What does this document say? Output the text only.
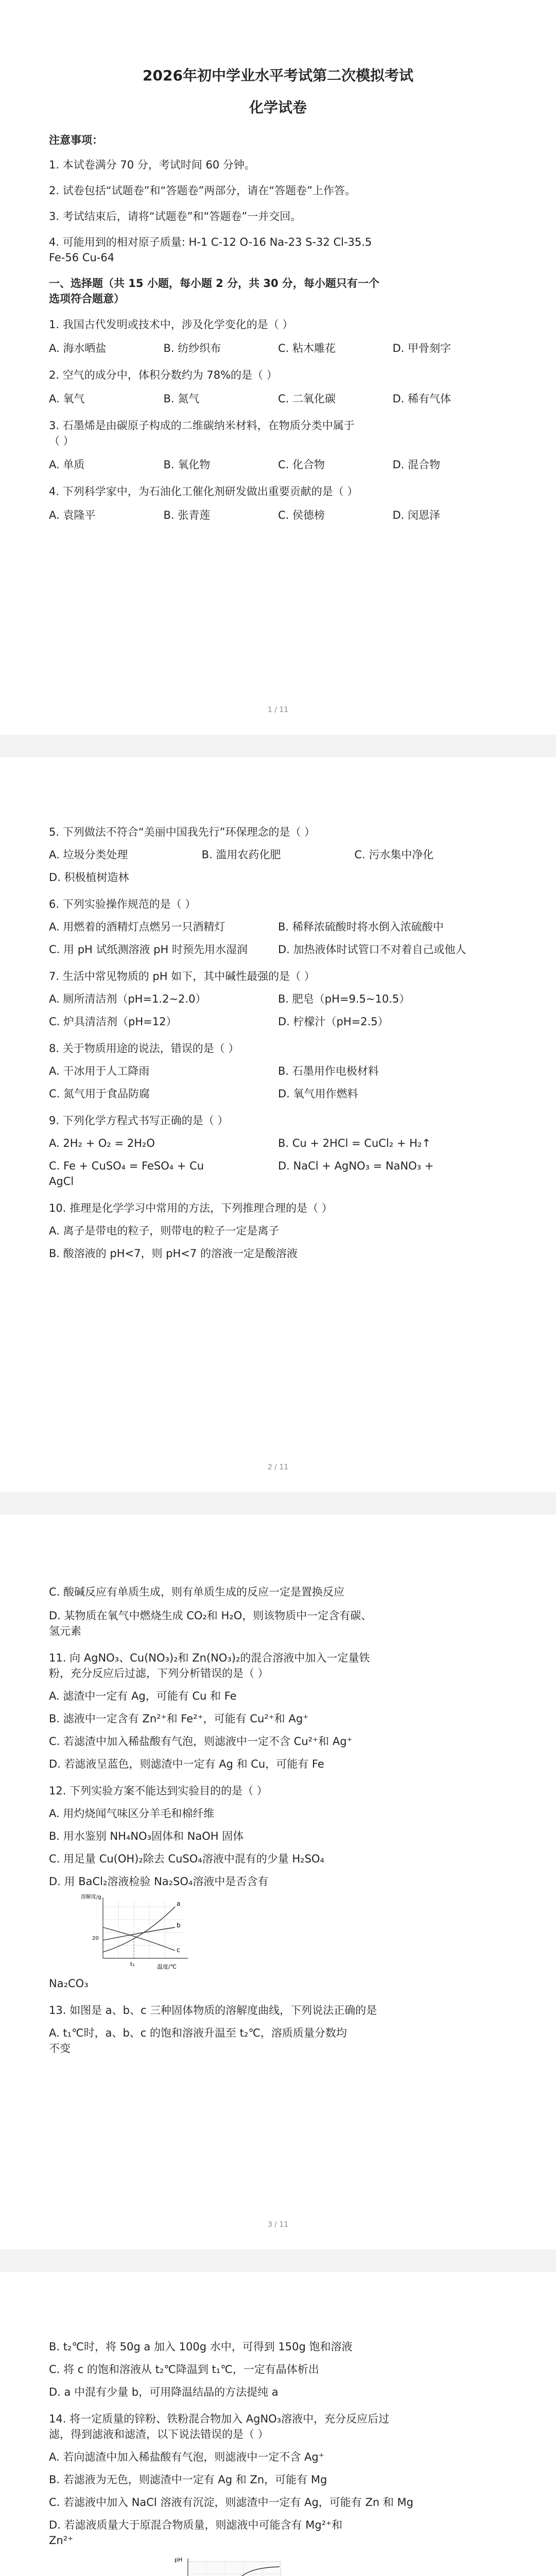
2026年初中学业水平考试第二次模拟考试

化学试卷

注意事项：

1. 本试卷满分 70 分，考试时间 60 分钟。

2. 试卷包括“试题卷”和“答题卷”两部分，请在“答题卷”上作答。

3. 考试结束后，请将“试题卷”和“答题卷”一并交回。

4. 可能用到的相对原子质量: H-1 C-12 O-16 Na-23 S-32 Cl-35.5

Fe-56 Cu-64

一、选择题（共 15 小题，每小题 2 分，共 30 分，每小题只有一个

选项符合题意）

1. 我国古代发明或技术中，涉及化学变化的是（ ）

A. 海水晒盐	B. 纺纱织布	C. 粘木雕花	D. 甲骨刻字

2. 空气的成分中，体积分数约为 78%的是（ ）

A. 氧气	B. 氮气	C. 二氧化碳	D. 稀有气体

3. 石墨烯是由碳原子构成的二维碳纳米材料，在物质分类中属于

（ ）

A. 单质	B. 氧化物	C. 化合物	D. 混合物

4. 下列科学家中，为石油化工催化剂研发做出重要贡献的是（ ）

A. 袁隆平	B. 张青莲	C. 侯德榜	D. 闵恩泽
1 / 11

5. 下列做法不符合“美丽中国我先行”环保理念的是（ ）

A. 垃圾分类处理	B. 滥用农药化肥	C. 污水集中净化

D. 积极植树造林

6. 下列实验操作规范的是（ ）

A. 用燃着的酒精灯点燃另一只酒精灯	B. 稀释浓硫酸时将水倒入浓硫酸中
C. 用 pH 试纸测溶液 pH 时预先用水湿润	D. 加热液体时试管口不对着自己或他人

7. 生活中常见物质的 pH 如下，其中碱性最强的是（ ）

A. 厕所清洁剂（pH=1.2~2.0）	B. 肥皂（pH=9.5~10.5）
C. 炉具清洁剂（pH=12）	D. 柠檬汁（pH=2.5）

8. 关于物质用途的说法，错误的是（ ）

A. 干冰用于人工降雨	B. 石墨用作电极材料
C. 氮气用于食品防腐	D. 氧气用作燃料

9. 下列化学方程式书写正确的是（ ）

A. 2H₂ + O₂ = 2H₂O	B. Cu + 2HCl = CuCl₂ + H₂↑
C. Fe + CuSO₄ = FeSO₄ + Cu	D. NaCl + AgNO₃ = NaNO₃ +

AgCl

10. 推理是化学学习中常用的方法，下列推理合理的是（ ）

A. 离子是带电的粒子，则带电的粒子一定是离子

B. 酸溶液的 pH<7，则 pH<7 的溶液一定是酸溶液

2 / 11

C. 酸碱反应有单质生成，则有单质生成的反应一定是置换反应

D. 某物质在氧气中燃烧生成 CO₂和 H₂O，则该物质中一定含有碳、

氢元素

11. 向 AgNO₃、Cu(NO₃)₂和 Zn(NO₃)₂的混合溶液中加入一定量铁

粉，充分反应后过滤，下列分析错误的是（ ）

A. 滤渣中一定有 Ag，可能有 Cu 和 Fe

B. 滤液中一定含有 Zn²⁺和 Fe²⁺，可能有 Cu²⁺和 Ag⁺

C. 若滤渣中加入稀盐酸有气泡，则滤液中一定不含 Cu²⁺和 Ag⁺

D. 若滤液呈蓝色，则滤渣中一定有 Ag 和 Cu，可能有 Fe

12. 下列实验方案不能达到实验目的的是（ ）

A. 用灼烧闻气味区分羊毛和棉纤维

B. 用水鉴别 NH₄NO₃固体和 NaOH 固体

C. 用足量 Cu(OH)₂除去 CuSO₄溶液中混有的少量 H₂SO₄

D. 用 BaCl₂溶液检验 Na₂SO₄溶液中是否含有

a
b
c
温度/℃
t₁
溶解度/g
20

Na₂CO₃

13. 如图是 a、b、c 三种固体物质的溶解度曲线，下列说法正确的是

A. t₁℃时，a、b、c 的饱和溶液升温至 t₂℃，溶质质量分数均

不变

3 / 11

B. t₂℃时，将 50g a 加入 100g 水中，可得到 150g 饱和溶液

C. 将 c 的饱和溶液从 t₂℃降温到 t₁℃，一定有晶体析出

D. a 中混有少量 b，可用降温结晶的方法提纯 a

14. 将一定质量的锌粉、铁粉混合物加入 AgNO₃溶液中，充分反应后过

滤，得到滤液和滤渣，以下说法错误的是（ ）

A. 若向滤渣中加入稀盐酸有气泡，则滤液中一定不含 Ag⁺

B. 若滤液为无色，则滤渣中一定有 Ag 和 Zn，可能有 Mg

C. 若滤液中加入 NaCl 溶液有沉淀，则滤渣中一定有 Ag，可能有 Zn 和 Mg

D. 若滤液质量大于原混合物质量，则滤液中可能含有 Mg²⁺和

Zn²⁺

pH
